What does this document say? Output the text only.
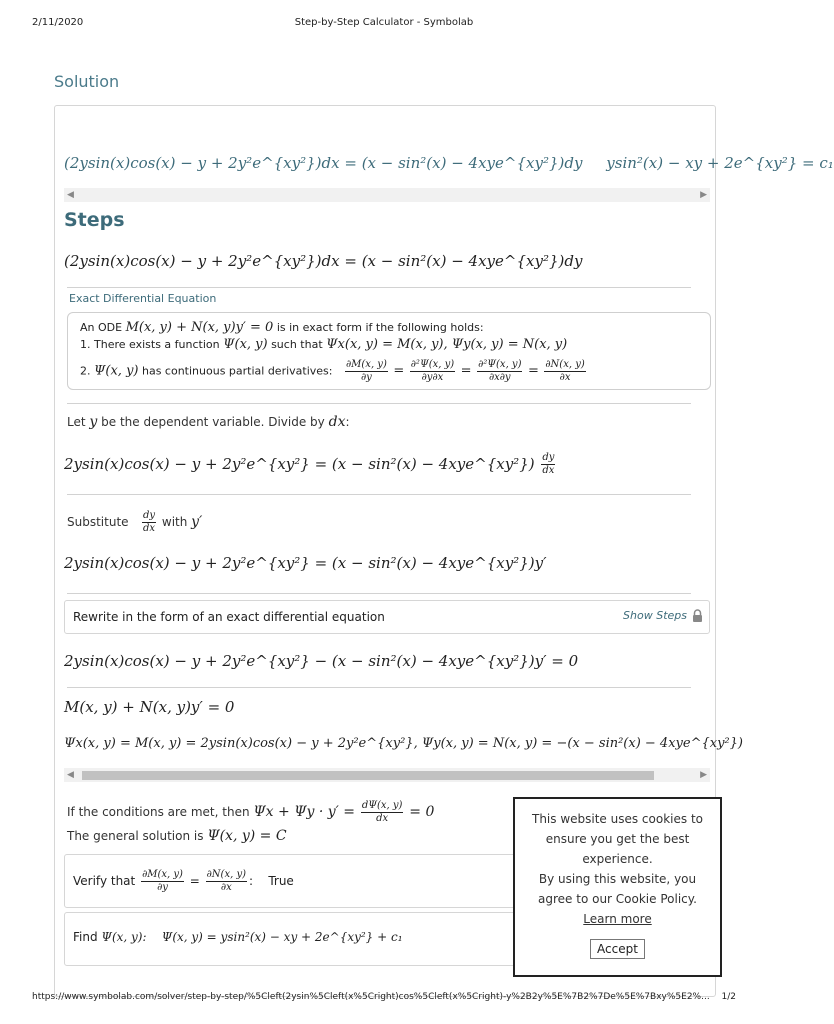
2/11/2020	Step-by-Step Calculator - Symbolab
Solution
(2ysin(x)cos(x) − y + 2y²e^{xy²})dx = (x − sin²(x) − 4xye^{xy²})dy ysin²(x) − xy + 2e^{xy²} = c₁
◀	▶
Steps
(2ysin(x)cos(x) − y + 2y²e^{xy²})dx = (x − sin²(x) − 4xye^{xy²})dy
Exact Differential Equation
An ODE M(x, y) + N(x, y)y′ = 0 is in exact form if the following holds:
1. There exists a function Ψ(x, y) such that Ψx(x, y) = M(x, y), Ψy(x, y) = N(x, y)
2. Ψ(x, y) has continuous partial derivatives: $\frac{\partial M(x, y)}{\partial y} = \frac{\text{∂²Ψ(x, y)}}{\partial y\partial x} = \frac{\text{∂²Ψ(x, y)}}{\partial x\partial y} = \frac{\partial N(x, y)}{\partial x}$
Let y be the dependent variable. Divide by dx:
2ysin(x)cos(x) − y + 2y²e^{xy²} = (x − sin²(x) − 4xye^{xy²}) $\frac{dy}{dx}$
Substitute $\frac{dy}{dx}$ with y′
2ysin(x)cos(x) − y + 2y²e^{xy²} = (x − sin²(x) − 4xye^{xy²})y′
Rewrite in the form of an exact differential equation	Show Steps
2ysin(x)cos(x) − y + 2y²e^{xy²} − (x − sin²(x) − 4xye^{xy²})y′ = 0
M(x, y) + N(x, y)y′ = 0
Ψx(x, y) = M(x, y) = 2ysin(x)cos(x) − y + 2y²e^{xy²}, Ψy(x, y) = N(x, y) = −(x − sin²(x) − 4xye^{xy²})
◀	▶
If the conditions are met, then $\Psi x + \Psi y \cdot y' = \frac{d\Psi(x, y)}{dx} = 0$
The general solution is Ψ(x, y) = C
Verify that $\frac{\partial M(x, y)}{\partial y} = \frac{\partial N(x, y)}{\partial x}$ : True
Find Ψ(x, y): Ψ(x, y) = ysin²(x) − xy + 2e^{xy²} + c₁
This website uses cookies to
ensure you get the best
experience.
By using this website, you
agree to our Cookie Policy.
Learn more
Accept
https://www.symbolab.com/solver/step-by-step/%5Cleft(2ysin%5Cleft(x%5Cright)cos%5Cleft(x%5Cright)-y%2B2y%5E%7B2%7De%5E%7Bxy%5E2%... 1/2
